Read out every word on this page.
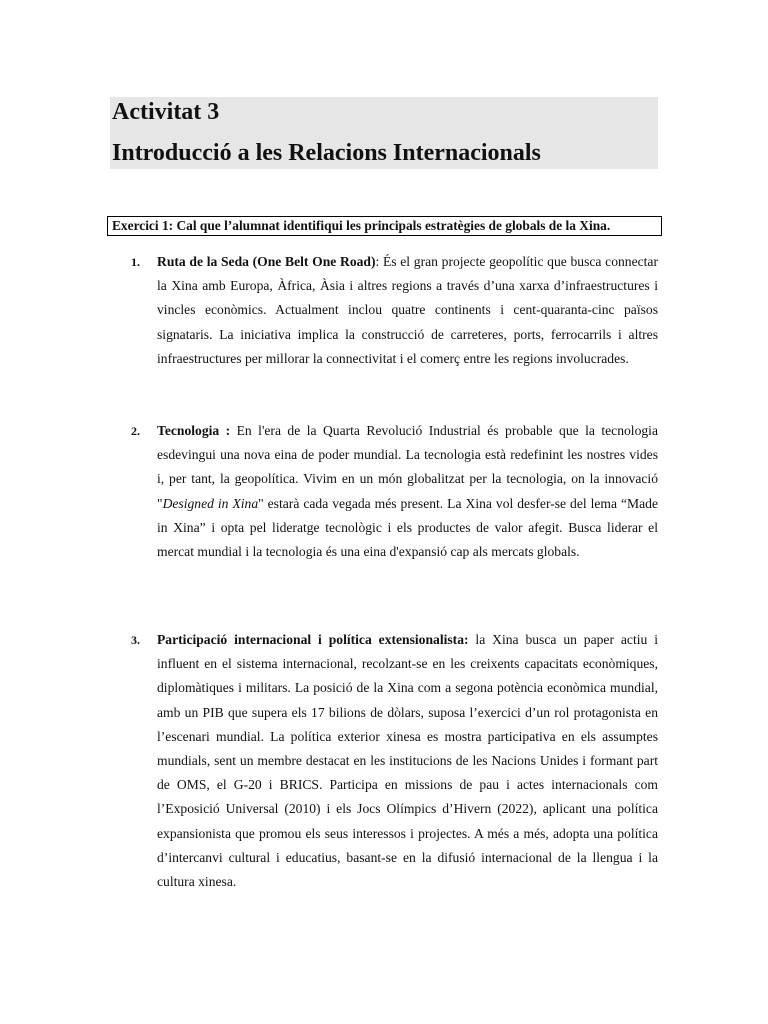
Activitat 3
Introducció a les Relacions Internacionals
Exercici 1: Cal que l’alumnat identifiqui les principals estratègies de globals de la Xina.
1. Ruta de la Seda (One Belt One Road): És el gran projecte geopolític que busca connectar la Xina amb Europa, Àfrica, Àsia i altres regions a través d’una xarxa d’infraestructures i vincles econòmics. Actualment inclou quatre continents i cent-quaranta-cinc països signataris. La iniciativa implica la construcció de carreteres, ports, ferrocarrils i altres infraestructures per millorar la connectivitat i el comerç entre les regions involucrades.
2. Tecnologia : En l'era de la Quarta Revolució Industrial és probable que la tecnologia esdevingui una nova eina de poder mundial. La tecnologia està redefinint les nostres vides i, per tant, la geopolítica. Vivim en un món globalitzat per la tecnologia, on la innovació "Designed in Xina" estarà cada vegada més present. La Xina vol desfer-se del lema “Made in Xina” i opta pel lideratge tecnològic i els productes de valor afegit. Busca liderar el mercat mundial i la tecnologia és una eina d'expansió cap als mercats globals.
3. Participació internacional i política extensionalista: la Xina busca un paper actiu i influent en el sistema internacional, recolzant-se en les creixents capacitats econòmiques, diplomàtiques i militars. La posició de la Xina com a segona potència econòmica mundial, amb un PIB que supera els 17 bilions de dòlars, suposa l’exercici d’un rol protagonista en l’escenari mundial. La política exterior xinesa es mostra participativa en els assumptes mundials, sent un membre destacat en les institucions de les Nacions Unides i formant part de OMS, el G-20 i BRICS. Participa en missions de pau i actes internacionals com l’Exposició Universal (2010) i els Jocs Olímpics d’Hivern (2022), aplicant una política expansionista que promou els seus interessos i projectes. A més a més, adopta una política d’intercanvi cultural i educatius, basant-se en la difusió internacional de la llengua i la cultura xinesa.
